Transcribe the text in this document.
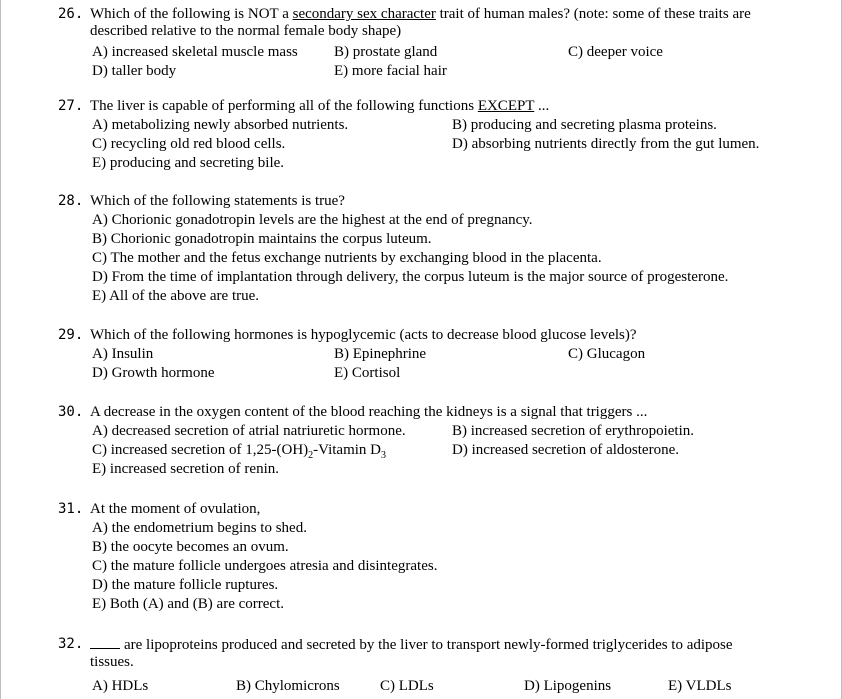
26. Which of the following is NOT a secondary sex character trait of human males? (note: some of these traits are described relative to the normal female body shape)
A) increased skeletal muscle mass B) prostate gland	C) deeper voice
D) taller body	E) more facial hair
27. The liver is capable of performing all of the following functions EXCEPT ...
A) metabolizing newly absorbed nutrients.	B) producing and secreting plasma proteins.
C) recycling old red blood cells.	D) absorbing nutrients directly from the gut lumen.
E) producing and secreting bile.
28. Which of the following statements is true?
A) Chorionic gonadotropin levels are the highest at the end of pregnancy.
B) Chorionic gonadotropin maintains the corpus luteum.
C) The mother and the fetus exchange nutrients by exchanging blood in the placenta.
D) From the time of implantation through delivery, the corpus luteum is the major source of progesterone.
E) All of the above are true.
29. Which of the following hormones is hypoglycemic (acts to decrease blood glucose levels)?
A) Insulin	B) Epinephrine	C) Glucagon
D) Growth hormone	E) Cortisol
30. A decrease in the oxygen content of the blood reaching the kidneys is a signal that triggers ...
A) decreased secretion of atrial natriuretic hormone.	B) increased secretion of erythropoietin.
C) increased secretion of $1,25-(OH)_2$-Vitamin $D_3$	D) increased secretion of aldosterone.
E) increased secretion of renin.
31. At the moment of ovulation,
A) the endometrium begins to shed.
B) the oocyte becomes an ovum.
C) the mature follicle undergoes atresia and disintegrates.
D) the mature follicle ruptures.
E) Both (A) and (B) are correct.
32.	are lipoproteins produced and secreted by the liver to transport newly-formed triglycerides to adipose tissues.
A) HDLs	B) Chylomicrons	C) LDLs	D) Lipogenins	E) VLDLs
